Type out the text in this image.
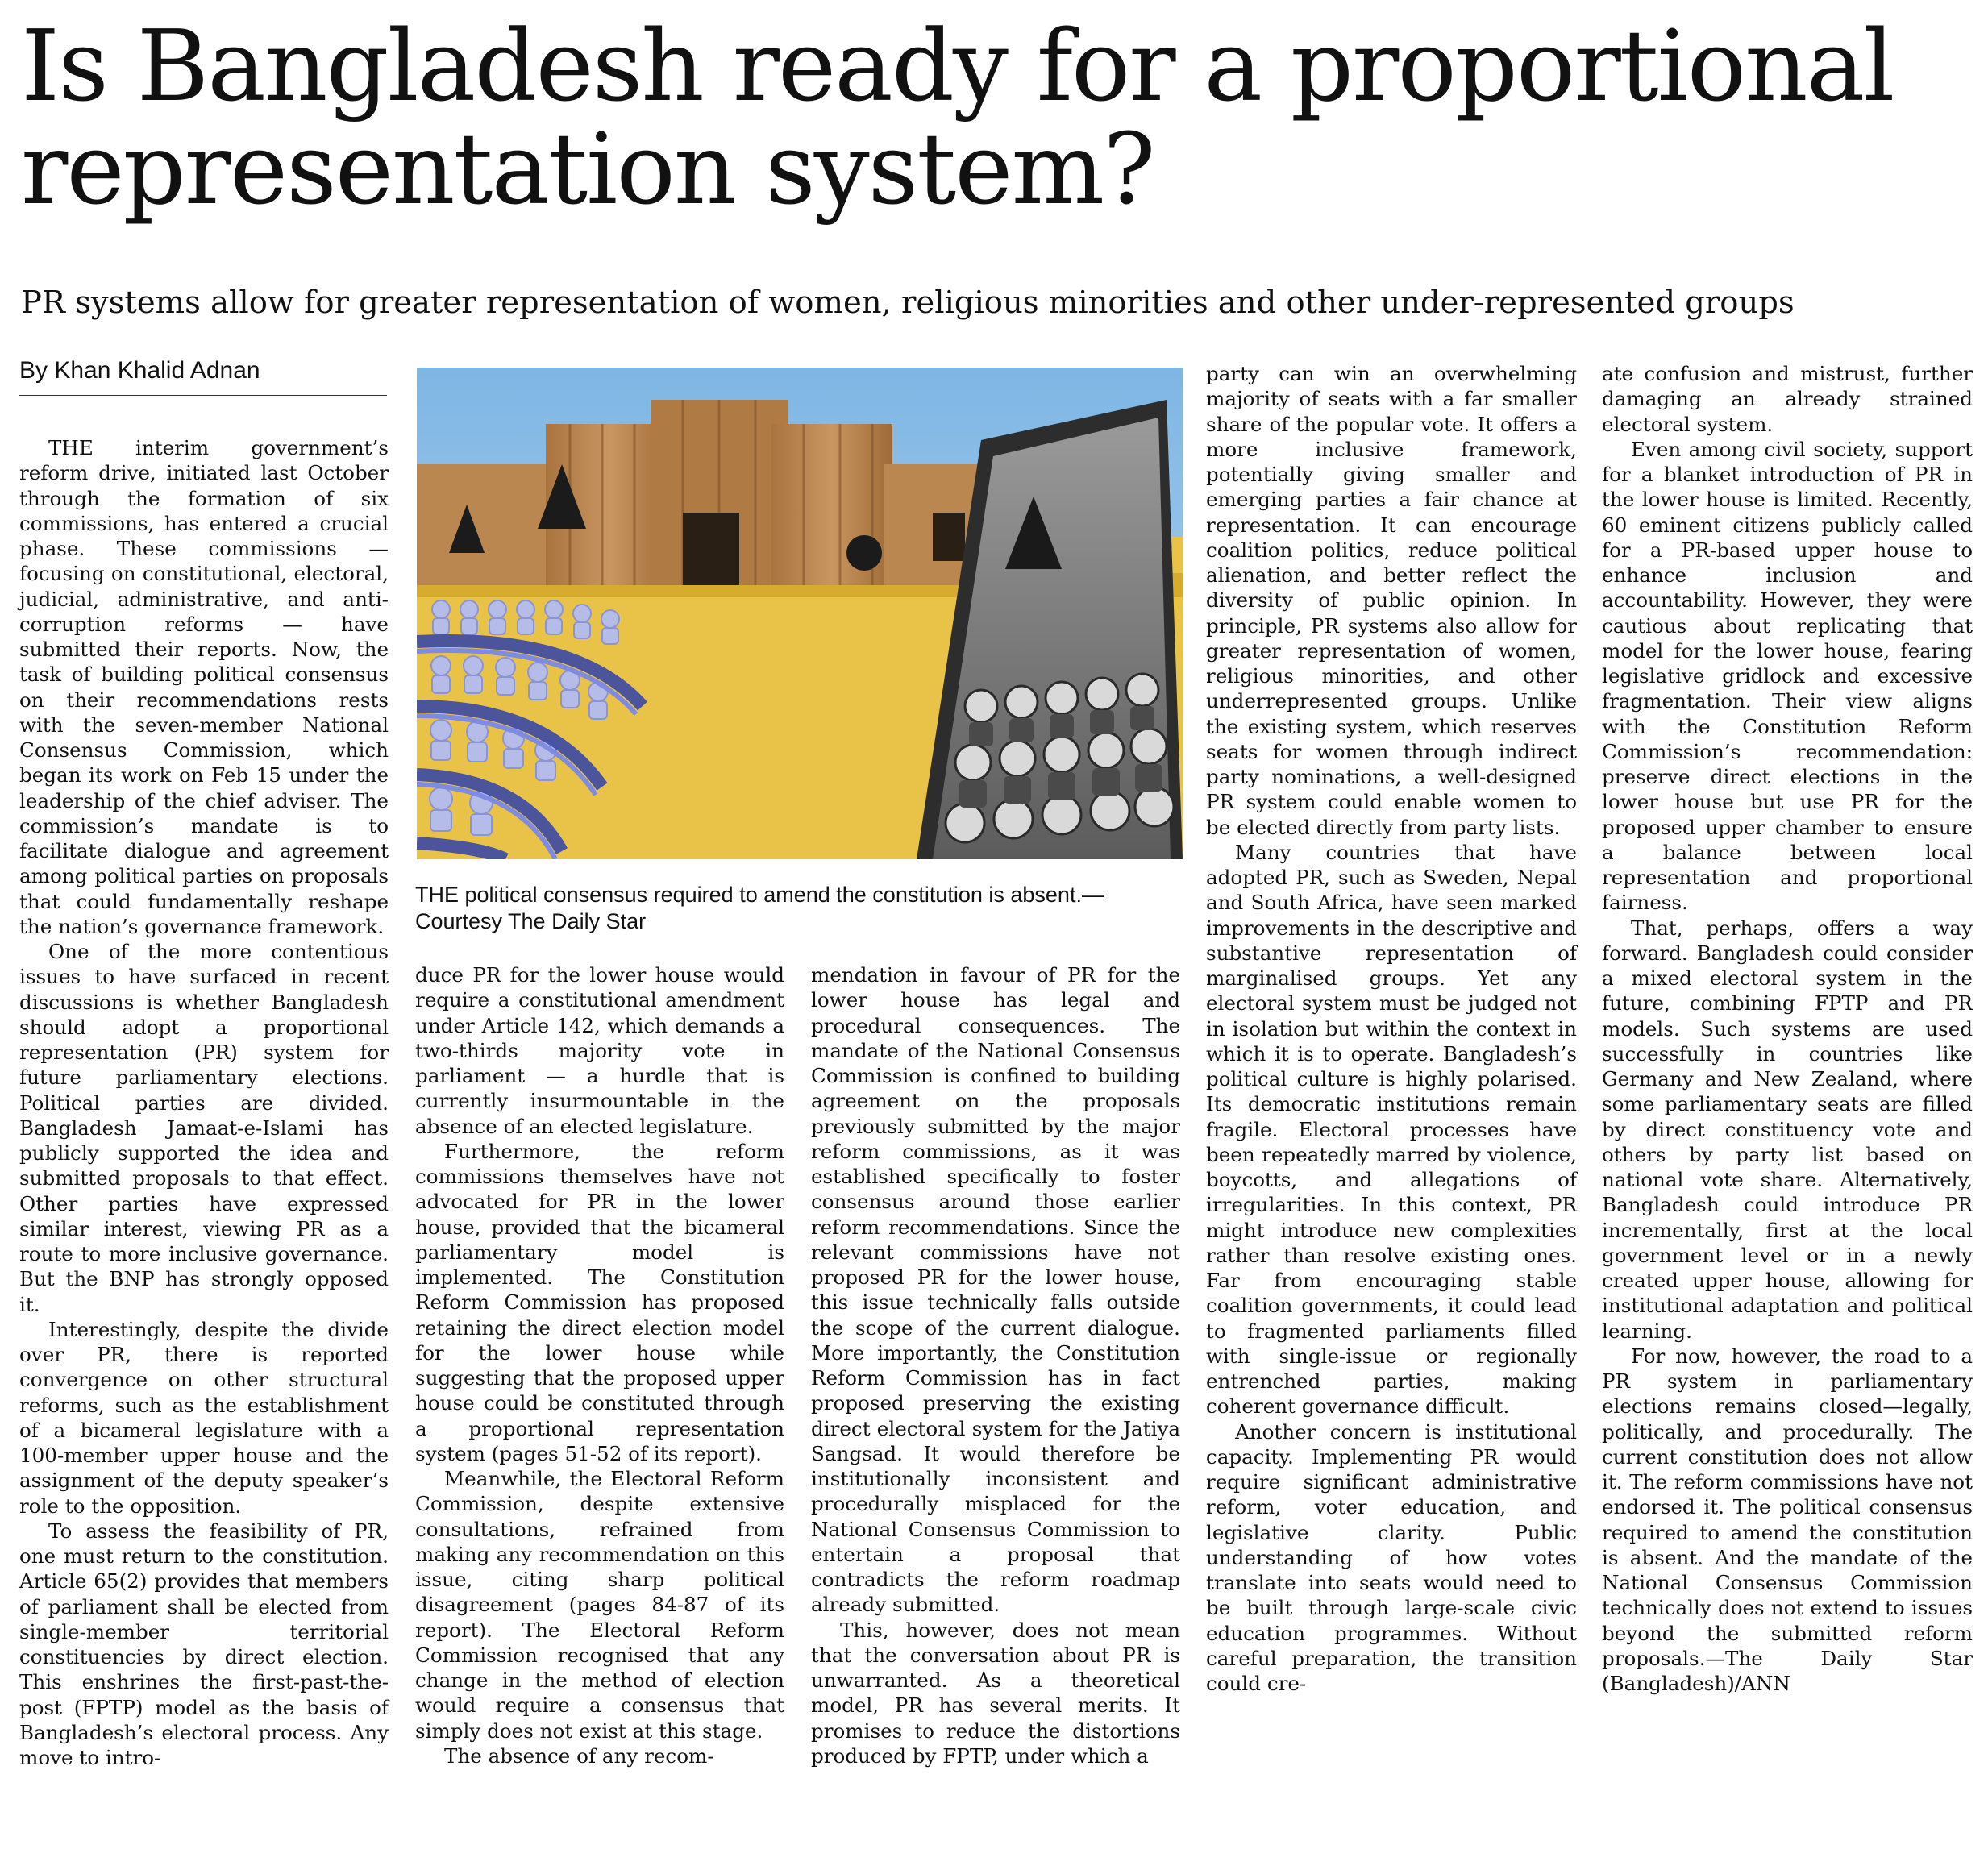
Is Bangladesh ready for a proportional representation system?
PR systems allow for greater representation of women, religious minorities and other under-represented groups
By Khan Khalid Adnan

THE interim government’s reform drive, initiated last October through the formation of six commissions, has entered a crucial phase. These commissions — focusing on constitutional, electoral, judicial, administrative, and anti-corruption reforms — have submitted their reports. Now, the task of building political consensus on their recommendations rests with the seven-member National Consensus Commission, which began its work on Feb 15 under the leadership of the chief adviser. The commission’s mandate is to facilitate dialogue and agreement among political parties on proposals that could fundamentally reshape the nation’s governance framework.

One of the more contentious issues to have surfaced in recent discussions is whether Bangladesh should adopt a proportional representation (PR) system for future parliamentary elections. Political parties are divided. Bangladesh Jamaat-e-Islami has publicly supported the idea and submitted proposals to that effect. Other parties have expressed similar interest, viewing PR as a route to more inclusive governance. But the BNP has strongly opposed it.

Interestingly, despite the divide over PR, there is reported convergence on other structural reforms, such as the establishment of a bicameral legislature with a 100-member upper house and the assignment of the deputy speaker’s role to the opposition.

To assess the feasibility of PR, one must return to the constitution. Article 65(2) provides that members of parliament shall be elected from single-member territorial constituencies by direct election. This enshrines the first-past-the-post (FPTP) model as the basis of Bangladesh’s electoral process. Any move to intro-

THE political consensus required to amend the constitution is absent.—Courtesy The Daily Star

duce PR for the lower house would require a constitutional amendment under Article 142, which demands a two-thirds majority vote in parliament — a hurdle that is currently insurmountable in the absence of an elected legislature.

Furthermore, the reform commissions themselves have not advocated for PR in the lower house, provided that the bicameral parliamentary model is implemented. The Constitution Reform Commission has proposed retaining the direct election model for the lower house while suggesting that the proposed upper house could be constituted through a proportional representation system (pages 51-52 of its report).

Meanwhile, the Electoral Reform Commission, despite extensive consultations, refrained from making any recommendation on this issue, citing sharp political disagreement (pages 84-87 of its report). The Electoral Reform Commission recognised that any change in the method of election would require a consensus that simply does not exist at this stage.

The absence of any recom-

mendation in favour of PR for the lower house has legal and procedural consequences. The mandate of the National Consensus Commission is confined to building agreement on the proposals previously submitted by the major reform commissions, as it was established specifically to foster consensus around those earlier reform recommendations. Since the relevant commissions have not proposed PR for the lower house, this issue technically falls outside the scope of the current dialogue. More importantly, the Constitution Reform Commission has in fact proposed preserving the existing direct electoral system for the Jatiya Sangsad. It would therefore be institutionally inconsistent and procedurally misplaced for the National Consensus Commission to entertain a proposal that contradicts the reform roadmap already submitted.

This, however, does not mean that the conversation about PR is unwarranted. As a theoretical model, PR has several merits. It promises to reduce the distortions produced by FPTP, under which a

party can win an overwhelming majority of seats with a far smaller share of the popular vote. It offers a more inclusive framework, potentially giving smaller and emerging parties a fair chance at representation. It can encourage coalition politics, reduce political alienation, and better reflect the diversity of public opinion. In principle, PR systems also allow for greater representation of women, religious minorities, and other underrepresented groups. Unlike the existing system, which reserves seats for women through indirect party nominations, a well-designed PR system could enable women to be elected directly from party lists.

Many countries that have adopted PR, such as Sweden, Nepal and South Africa, have seen marked improvements in the descriptive and substantive representation of marginalised groups. Yet any electoral system must be judged not in isolation but within the context in which it is to operate. Bangladesh’s political culture is highly polarised. Its democratic institutions remain fragile. Electoral processes have been repeatedly marred by violence, boycotts, and allegations of irregularities. In this context, PR might introduce new complexities rather than resolve existing ones. Far from encouraging stable coalition governments, it could lead to fragmented parliaments filled with single-issue or regionally entrenched parties, making coherent governance difficult.

Another concern is institutional capacity. Implementing PR would require significant administrative reform, voter education, and legislative clarity. Public understanding of how votes translate into seats would need to be built through large-scale civic education programmes. Without careful preparation, the transition could cre-

ate confusion and mistrust, further damaging an already strained electoral system.

Even among civil society, support for a blanket introduction of PR in the lower house is limited. Recently, 60 eminent citizens publicly called for a PR-based upper house to enhance inclusion and accountability. However, they were cautious about replicating that model for the lower house, fearing legislative gridlock and excessive fragmentation. Their view aligns with the Constitution Reform Commission’s recommendation: preserve direct elections in the lower house but use PR for the proposed upper chamber to ensure a balance between local representation and proportional fairness.

That, perhaps, offers a way forward. Bangladesh could consider a mixed electoral system in the future, combining FPTP and PR models. Such systems are used successfully in countries like Germany and New Zealand, where some parliamentary seats are filled by direct constituency vote and others by party list based on national vote share. Alternatively, Bangladesh could introduce PR incrementally, first at the local government level or in a newly created upper house, allowing for institutional adaptation and political learning.

For now, however, the road to a PR system in parliamentary elections remains closed—legally, politically, and procedurally. The current constitution does not allow it. The reform commissions have not endorsed it. The political consensus required to amend the constitution is absent. And the mandate of the National Consensus Commission technically does not extend to issues beyond the submitted reform proposals.—The Daily Star (Bangladesh)/ANN
